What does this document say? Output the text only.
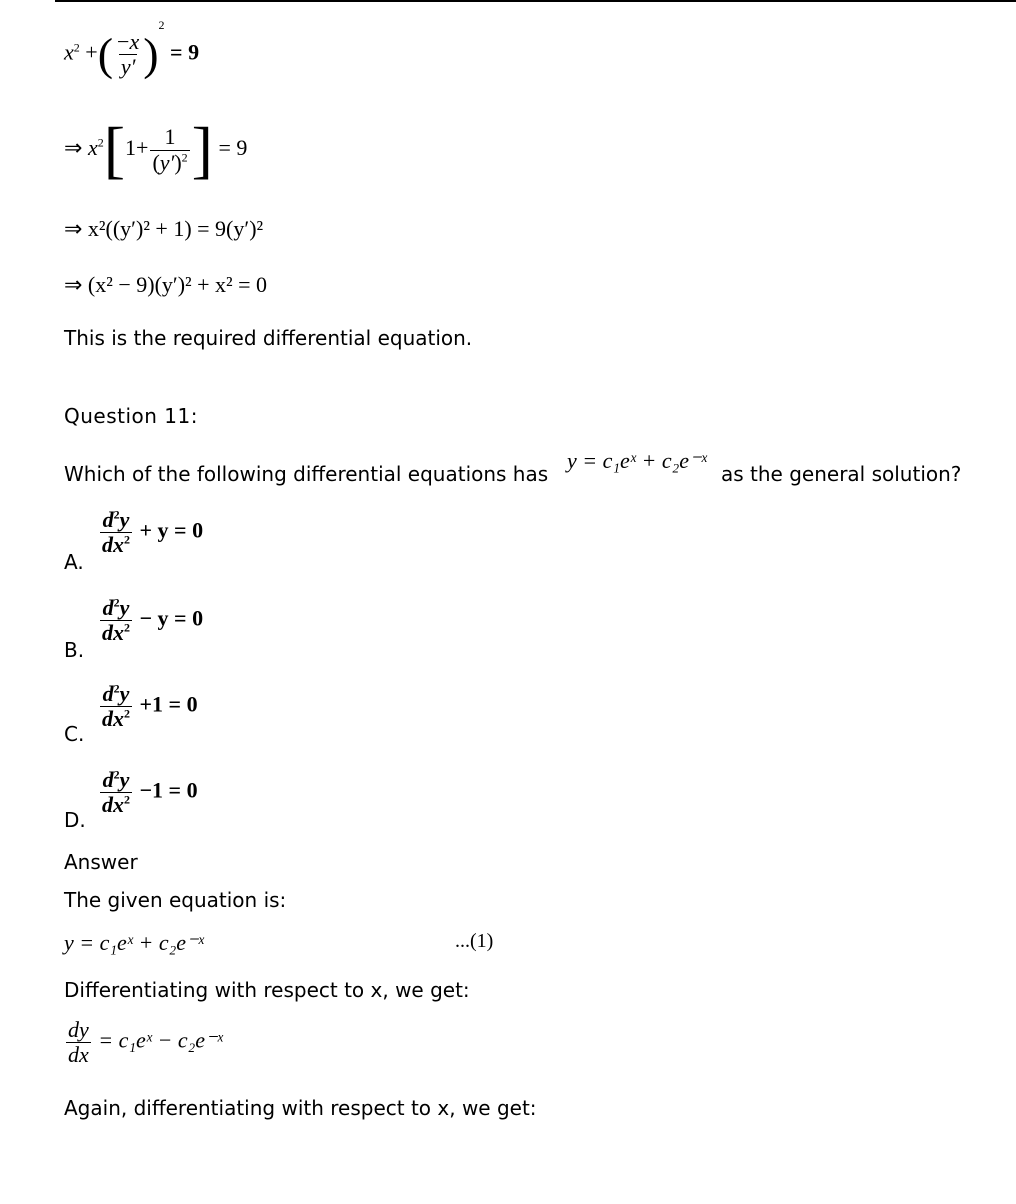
$x^2$ +( $\frac{-x}{y'} )^2 = 9$
⇒ $x^2[1+ \frac{1}{(y')^2}$ ] = 9
⇒ x²((y′)² + 1) = 9(y′)²
⇒ (x² − 9)(y′)² + x² = 0
This is the required differential equation.
Question 11:
Which of the following differential equations has
y = c₁eˣ + c₂e⁻ˣ
as the general solution?
A.
$\frac{d^2y}{dx^2} + y = 0$
B.
$\frac{d^2y}{dx^2} - y = 0$
C.
$\frac{d^2y}{dx^2} +1 = 0$
D.
$\frac{d^2y}{dx^2} -1 = 0$
Answer
The given equation is:
y = c₁eˣ + c₂e⁻ˣ	...(1)
Differentiating with respect to x, we get:
$\frac{dy}{dx}$ = c₁eˣ − c₂e⁻ˣ
Again, differentiating with respect to x, we get:
